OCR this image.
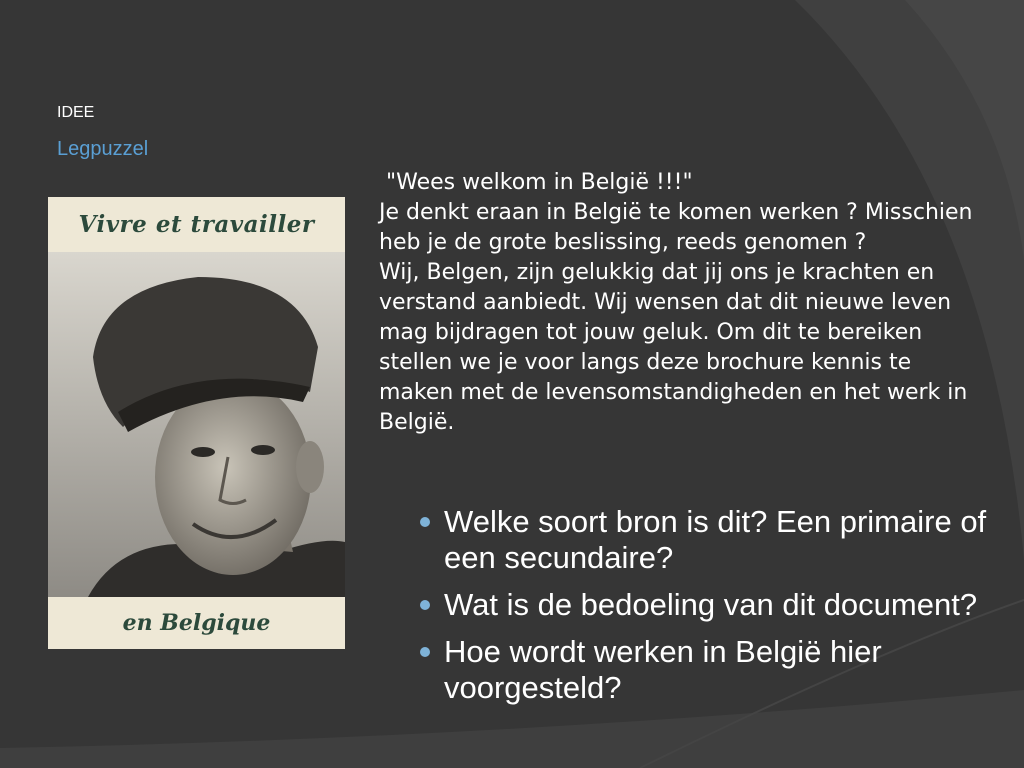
IDEE
Legpuzzel
Vivre et travailler
en Belgique
"Wees welkom in België !!!"
Je denkt eraan in België te komen werken ? Misschien
heb je de grote beslissing, reeds genomen ?
Wij, Belgen, zijn gelukkig dat jij ons je krachten en
verstand aanbiedt. Wij wensen dat dit nieuwe leven
mag bijdragen tot jouw geluk. Om dit te bereiken
stellen we je voor langs deze brochure kennis te
maken met de levensomstandigheden en het werk in
België.
Welke soort bron is dit? Een primaire of een secundaire?
Wat is de bedoeling van dit document?
Hoe wordt werken in België hier voorgesteld?
